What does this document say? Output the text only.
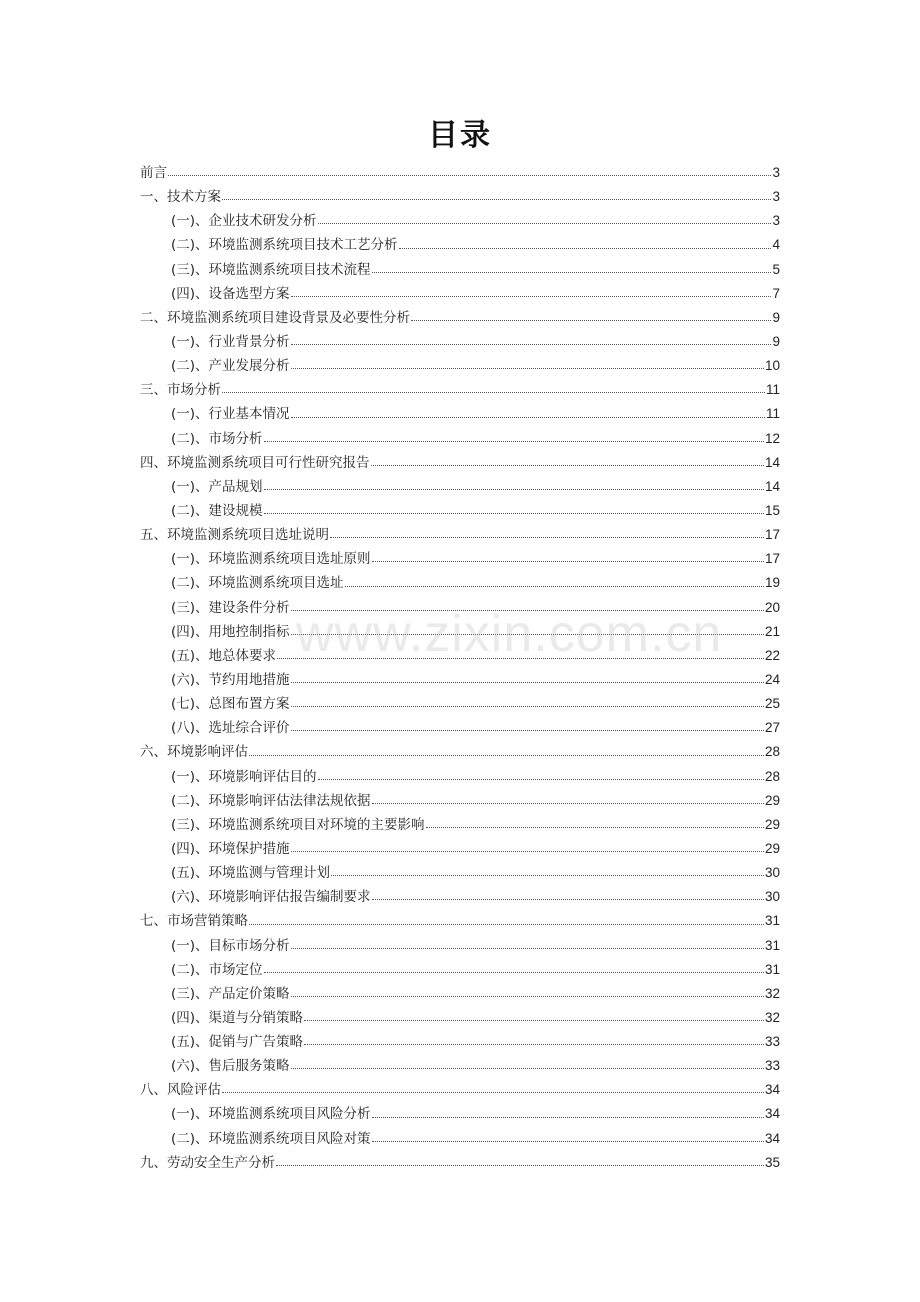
目录
前言	3
一、技术方案	3
(一)、企业技术研发分析	3
(二)、环境监测系统项目技术工艺分析	4
(三)、环境监测系统项目技术流程	5
(四)、设备选型方案	7
二、环境监测系统项目建设背景及必要性分析	9
(一)、行业背景分析	9
(二)、产业发展分析	10
三、市场分析	11
(一)、行业基本情况	11
(二)、市场分析	12
四、环境监测系统项目可行性研究报告	14
(一)、产品规划	14
(二)、建设规模	15
五、环境监测系统项目选址说明	17
(一)、环境监测系统项目选址原则	17
(二)、环境监测系统项目选址	19
(三)、建设条件分析	20
(四)、用地控制指标	21
(五)、地总体要求	22
(六)、节约用地措施	24
(七)、总图布置方案	25
(八)、选址综合评价	27
六、环境影响评估	28
(一)、环境影响评估目的	28
(二)、环境影响评估法律法规依据	29
(三)、环境监测系统项目对环境的主要影响	29
(四)、环境保护措施	29
(五)、环境监测与管理计划	30
(六)、环境影响评估报告编制要求	30
七、市场营销策略	31
(一)、目标市场分析	31
(二)、市场定位	31
(三)、产品定价策略	32
(四)、渠道与分销策略	32
(五)、促销与广告策略	33
(六)、售后服务策略	33
八、风险评估	34
(一)、环境监测系统项目风险分析	34
(二)、环境监测系统项目风险对策	34
九、劳动安全生产分析	35
www.zixin.com.cn
